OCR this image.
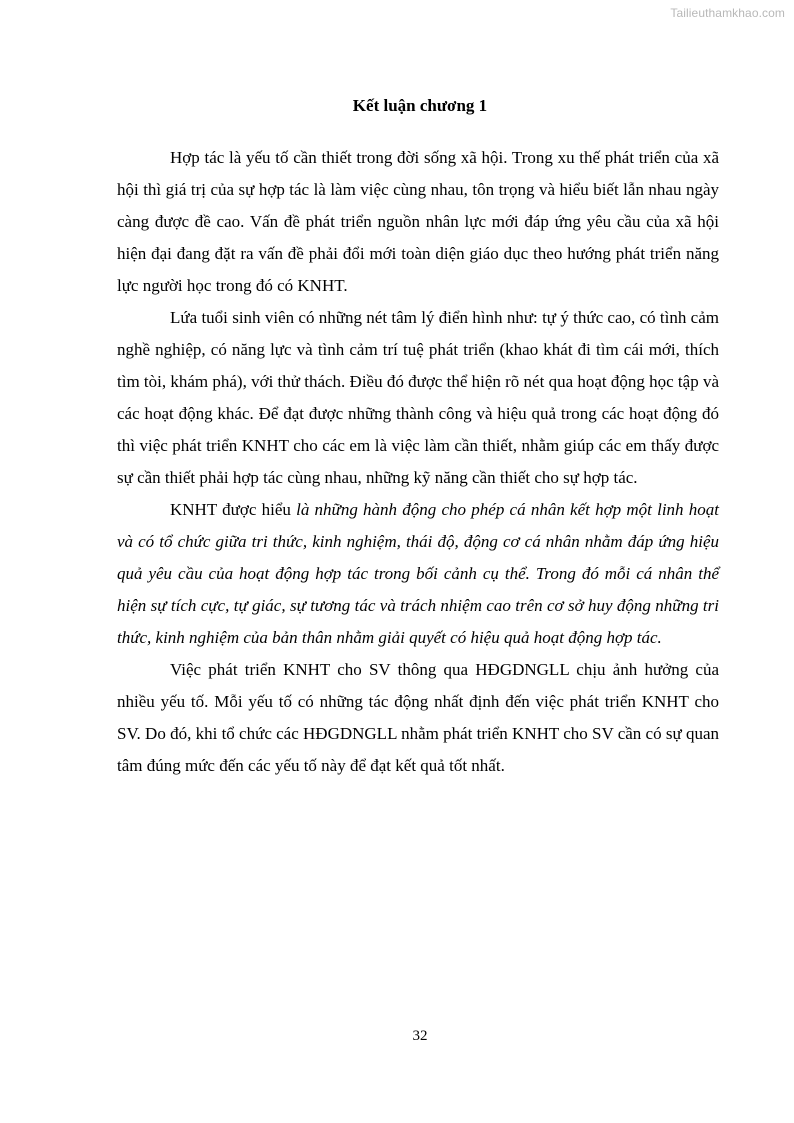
Tailieuthamkhao.com
Kết luận chương 1

Hợp tác là yếu tố cần thiết trong đời sống xã hội. Trong xu thế phát triển của xã hội thì giá trị của sự hợp tác là làm việc cùng nhau, tôn trọng và hiểu biết lẫn nhau ngày càng được đề cao. Vấn đề phát triển nguồn nhân lực mới đáp ứng yêu cầu của xã hội hiện đại đang đặt ra vấn đề phải đổi mới toàn diện giáo dục theo hướng phát triển năng lực người học trong đó có KNHT.

Lứa tuổi sinh viên có những nét tâm lý điển hình như: tự ý thức cao, có tình cảm nghề nghiệp, có năng lực và tình cảm trí tuệ phát triển (khao khát đi tìm cái mới, thích tìm tòi, khám phá), với thử thách. Điều đó được thể hiện rõ nét qua hoạt động học tập và các hoạt động khác. Để đạt được những thành công và hiệu quả trong các hoạt động đó thì việc phát triển KNHT cho các em là việc làm cần thiết, nhằm giúp các em thấy được sự cần thiết phải hợp tác cùng nhau, những kỹ năng cần thiết cho sự hợp tác.

KNHT được hiểu là những hành động cho phép cá nhân kết hợp một linh hoạt và có tổ chức giữa tri thức, kinh nghiệm, thái độ, động cơ cá nhân nhằm đáp ứng hiệu quả yêu cầu của hoạt động hợp tác trong bối cảnh cụ thể. Trong đó mỗi cá nhân thể hiện sự tích cực, tự giác, sự tương tác và trách nhiệm cao trên cơ sở huy động những tri thức, kinh nghiệm của bản thân nhằm giải quyết có hiệu quả hoạt động hợp tác.

Việc phát triển KNHT cho SV thông qua HĐGDNGLL chịu ảnh hưởng của nhiều yếu tố. Mỗi yếu tố có những tác động nhất định đến việc phát triển KNHT cho SV. Do đó, khi tổ chức các HĐGDNGLL nhằm phát triển KNHT cho SV cần có sự quan tâm đúng mức đến các yếu tố này để đạt kết quả tốt nhất.

32
